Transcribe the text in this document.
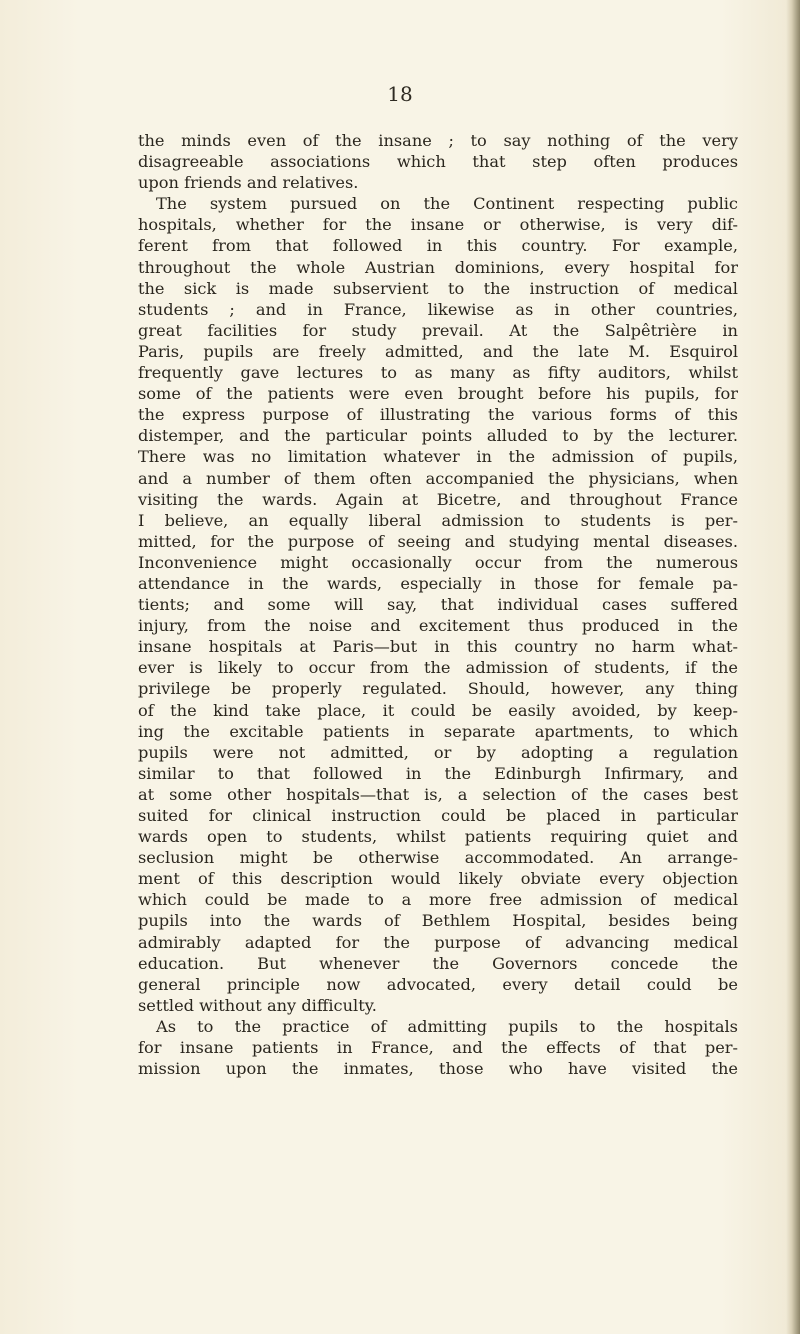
18
the minds even of the insane ; to say nothing of the very
disagreeable associations which that step often produces
upon friends and relatives.
The system pursued on the Continent respecting public
hospitals, whether for the insane or otherwise, is very dif-
ferent from that followed in this country. For example,
throughout the whole Austrian dominions, every hospital for
the sick is made subservient to the instruction of medical
students ; and in France, likewise as in other countries,
great facilities for study prevail. At the Salpêtrière in
Paris, pupils are freely admitted, and the late M. Esquirol
frequently gave lectures to as many as fifty auditors, whilst
some of the patients were even brought before his pupils, for
the express purpose of illustrating the various forms of this
distemper, and the particular points alluded to by the lecturer.
There was no limitation whatever in the admission of pupils,
and a number of them often accompanied the physicians, when
visiting the wards. Again at Bicetre, and throughout France
I believe, an equally liberal admission to students is per-
mitted, for the purpose of seeing and studying mental diseases.
Inconvenience might occasionally occur from the numerous
attendance in the wards, especially in those for female pa-
tients; and some will say, that individual cases suffered
injury, from the noise and excitement thus produced in the
insane hospitals at Paris—but in this country no harm what-
ever is likely to occur from the admission of students, if the
privilege be properly regulated. Should, however, any thing
of the kind take place, it could be easily avoided, by keep-
ing the excitable patients in separate apartments, to which
pupils were not admitted, or by adopting a regulation
similar to that followed in the Edinburgh Infirmary, and
at some other hospitals—that is, a selection of the cases best
suited for clinical instruction could be placed in particular
wards open to students, whilst patients requiring quiet and
seclusion might be otherwise accommodated. An arrange-
ment of this description would likely obviate every objection
which could be made to a more free admission of medical
pupils into the wards of Bethlem Hospital, besides being
admirably adapted for the purpose of advancing medical
education. But whenever the Governors concede the
general principle now advocated, every detail could be
settled without any difficulty.
As to the practice of admitting pupils to the hospitals
for insane patients in France, and the effects of that per-
mission upon the inmates, those who have visited the
